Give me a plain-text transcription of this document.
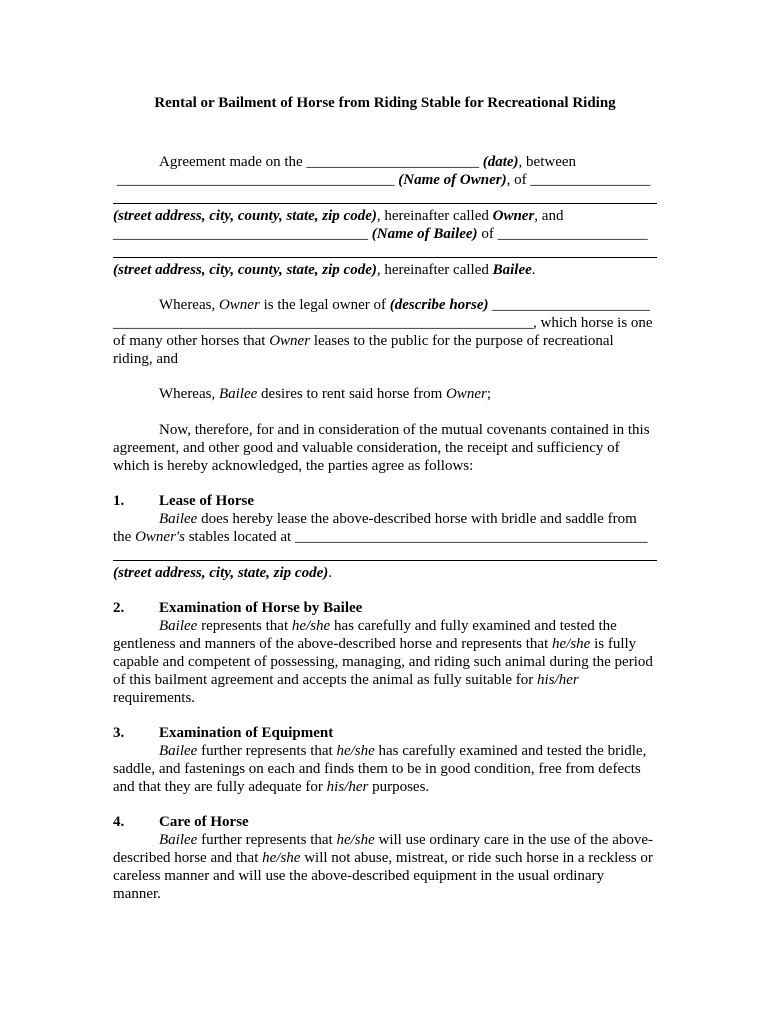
Rental or Bailment of Horse from Riding Stable for Recreational Riding
Agreement made on the _______________________ (date), between
_____________________________________ (Name of Owner), of ________________
(street address, city, county, state, zip code), hereinafter called Owner, and
__________________________________ (Name of Bailee) of ____________________
(street address, city, county, state, zip code), hereinafter called Bailee.
Whereas, Owner is the legal owner of (describe horse) _____________________
________________________________________________________, which horse is one
of many other horses that Owner leases to the public for the purpose of recreational
riding, and
Whereas, Bailee desires to rent said horse from Owner;
Now, therefore, for and in consideration of the mutual covenants contained in this
agreement, and other good and valuable consideration, the receipt and sufficiency of
which is hereby acknowledged, the parties agree as follows:
1. Lease of Horse
Bailee does hereby lease the above-described horse with bridle and saddle from
the Owner's stables located at _______________________________________________
(street address, city, state, zip code).
2. Examination of Horse by Bailee
Bailee represents that he/she has carefully and fully examined and tested the
gentleness and manners of the above-described horse and represents that he/she is fully
capable and competent of possessing, managing, and riding such animal during the period
of this bailment agreement and accepts the animal as fully suitable for his/her
requirements.
3. Examination of Equipment
Bailee further represents that he/she has carefully examined and tested the bridle,
saddle, and fastenings on each and finds them to be in good condition, free from defects
and that they are fully adequate for his/her purposes.
4. Care of Horse
Bailee further represents that he/she will use ordinary care in the use of the above-
described horse and that he/she will not abuse, mistreat, or ride such horse in a reckless or
careless manner and will use the above-described equipment in the usual ordinary
manner.
